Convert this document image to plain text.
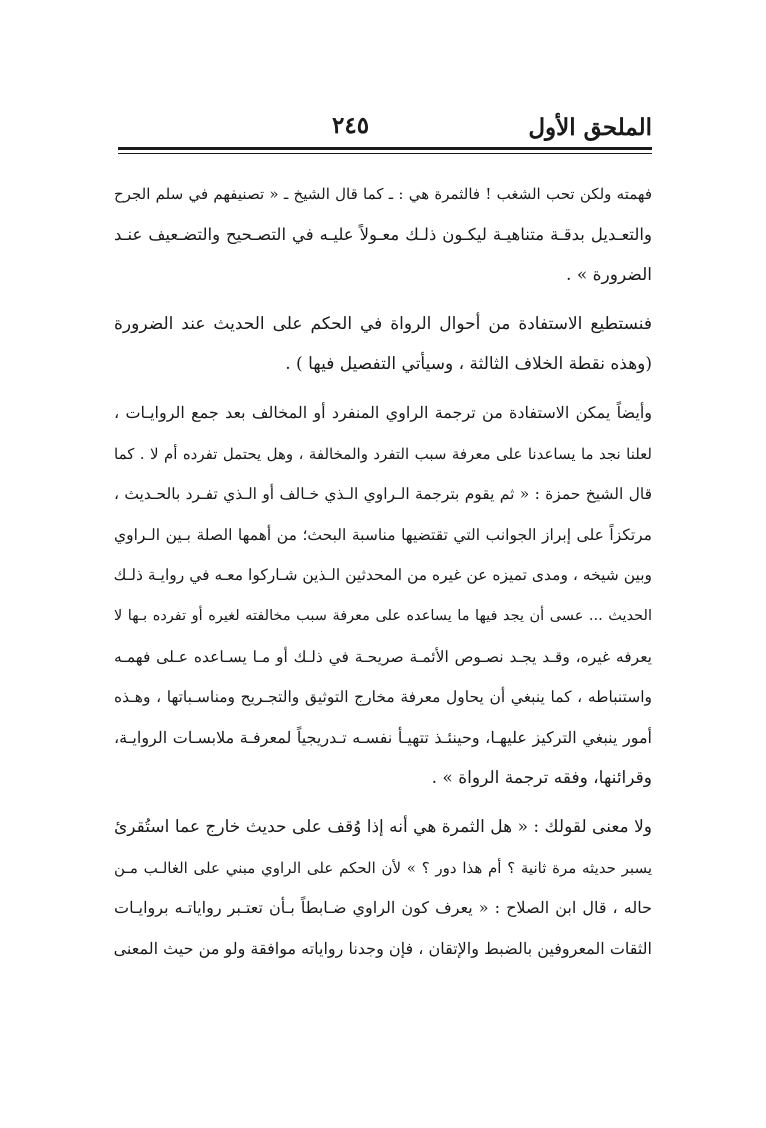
الملحق الأول
٢٤٥

فهمته ولكن تحب الشغب ! فالثمرة هي : ـ كما قال الشيخ ـ « تصنيفهم في سلم الجرح
والتعـديل بدقـة متناهيـة ليكـون ذلـك معـولاً عليـه في التصـحيح والتضـعيف عنـد
الضرورة » .

فنستطيع الاستفادة من أحوال الرواة في الحكم على الحديث عند الضرورة
(وهذه نقطة الخلاف الثالثة ، وسيأتي التفصيل فيها ) .

وأيضاً يمكن الاستفادة من ترجمة الراوي المنفرد أو المخالف بعد جمع الروايـات ،
لعلنا نجد ما يساعدنا على معرفة سبب التفرد والمخالفة ، وهل يحتمل تفرده أم لا . كما
قال الشيخ حمزة : « ثم يقوم بترجمة الـراوي الـذي خـالف أو الـذي تفـرد بالحـديث ،
مرتكزاً على إبراز الجوانب التي تقتضيها مناسبة البحث؛ من أهمها الصلة بـين الـراوي
وبين شيخه ، ومدى تميزه عن غيره من المحدثين الـذين شـاركوا معـه في روايـة ذلـك
الحديث ... عسى أن يجد فيها ما يساعده على معرفة سبب مخالفته لغيره أو تفرده بـها لا
يعرفه غيره، وقـد يجـد نصـوص الأئمـة صريحـة في ذلـك أو مـا يسـاعده عـلى فهمـه
واستنباطه ، كما ينبغي أن يحاول معرفة مخارج التوثيق والتجـريح ومناسـباتها ، وهـذه
أمور ينبغي التركيز عليهـا، وحينئـذ تتهيـأ نفسـه تـدريجياً لمعرفـة ملابسـات الروايـة،
وقرائنها، وفقه ترجمة الرواة » .

ولا معنى لقولك : « هل الثمرة هي أنه إذا وُقف على حديث خارج عما استُقرئ
يسبر حديثه مرة ثانية ؟ أم هذا دور ؟ » لأن الحكم على الراوي مبني على الغالـب مـن
حاله ، قال ابن الصلاح : « يعرف كون الراوي ضـابطاً بـأن تعتـبر رواياتـه بروايـات
الثقات المعروفين بالضبط والإتقان ، فإن وجدنا رواياته موافقة ولو من حيث المعنى
